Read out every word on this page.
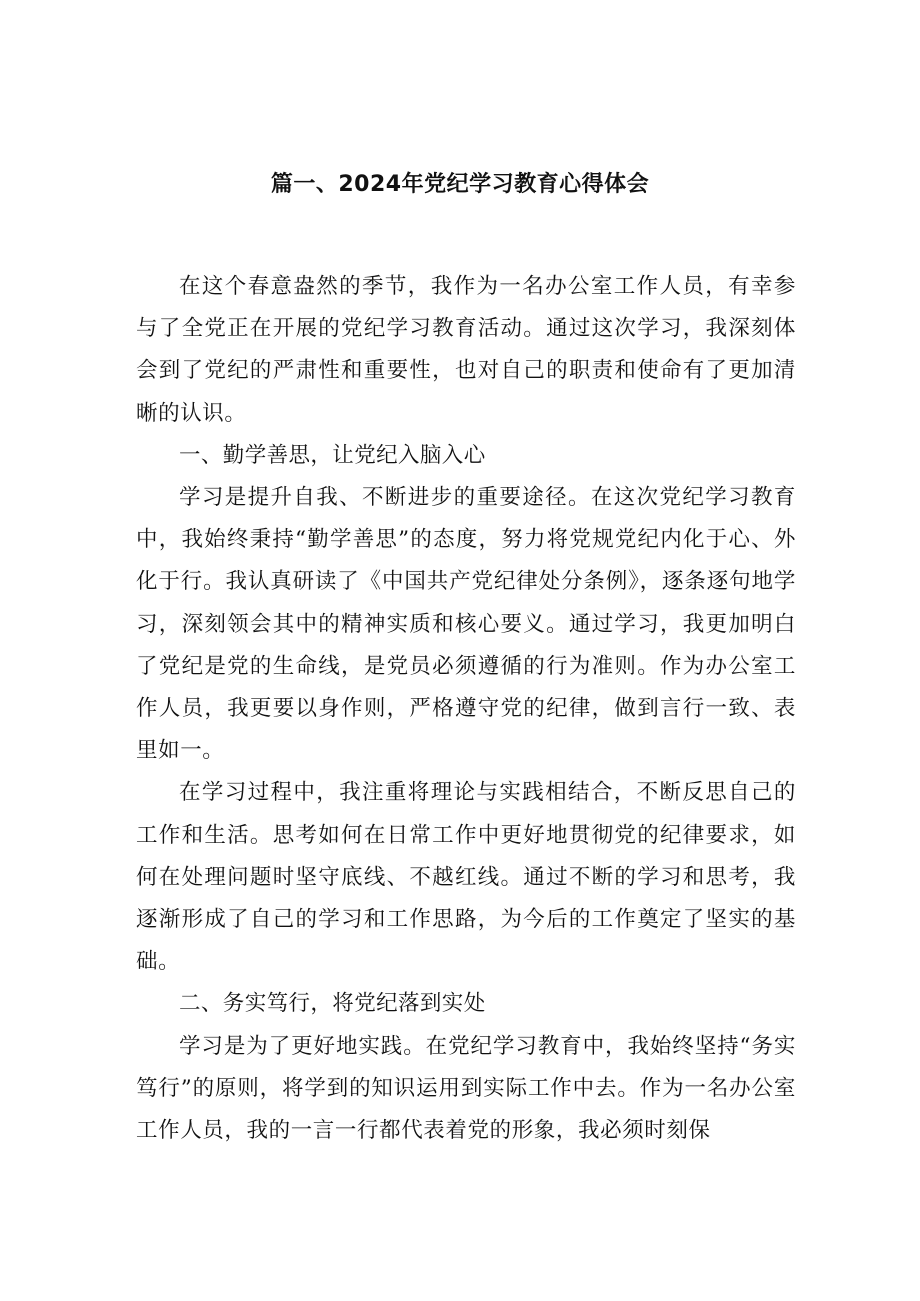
篇一、2024年党纪学习教育心得体会

在这个春意盎然的季节，我作为一名办公室工作人员，有幸参与了全党正在开展的党纪学习教育活动。通过这次学习，我深刻体会到了党纪的严肃性和重要性，也对自己的职责和使命有了更加清晰的认识。

一、勤学善思，让党纪入脑入心

学习是提升自我、不断进步的重要途径。在这次党纪学习教育中，我始终秉持“勤学善思”的态度，努力将党规党纪内化于心、外化于行。我认真研读了《中国共产党纪律处分条例》，逐条逐句地学习，深刻领会其中的精神实质和核心要义。通过学习，我更加明白了党纪是党的生命线，是党员必须遵循的行为准则。作为办公室工作人员，我更要以身作则，严格遵守党的纪律，做到言行一致、表里如一。

在学习过程中，我注重将理论与实践相结合，不断反思自己的工作和生活。思考如何在日常工作中更好地贯彻党的纪律要求，如何在处理问题时坚守底线、不越红线。通过不断的学习和思考，我逐渐形成了自己的学习和工作思路，为今后的工作奠定了坚实的基础。

二、务实笃行，将党纪落到实处

学习是为了更好地实践。在党纪学习教育中，我始终坚持“务实笃行”的原则，将学到的知识运用到实际工作中去。作为一名办公室工作人员，我的一言一行都代表着党的形象，我必须时刻保
